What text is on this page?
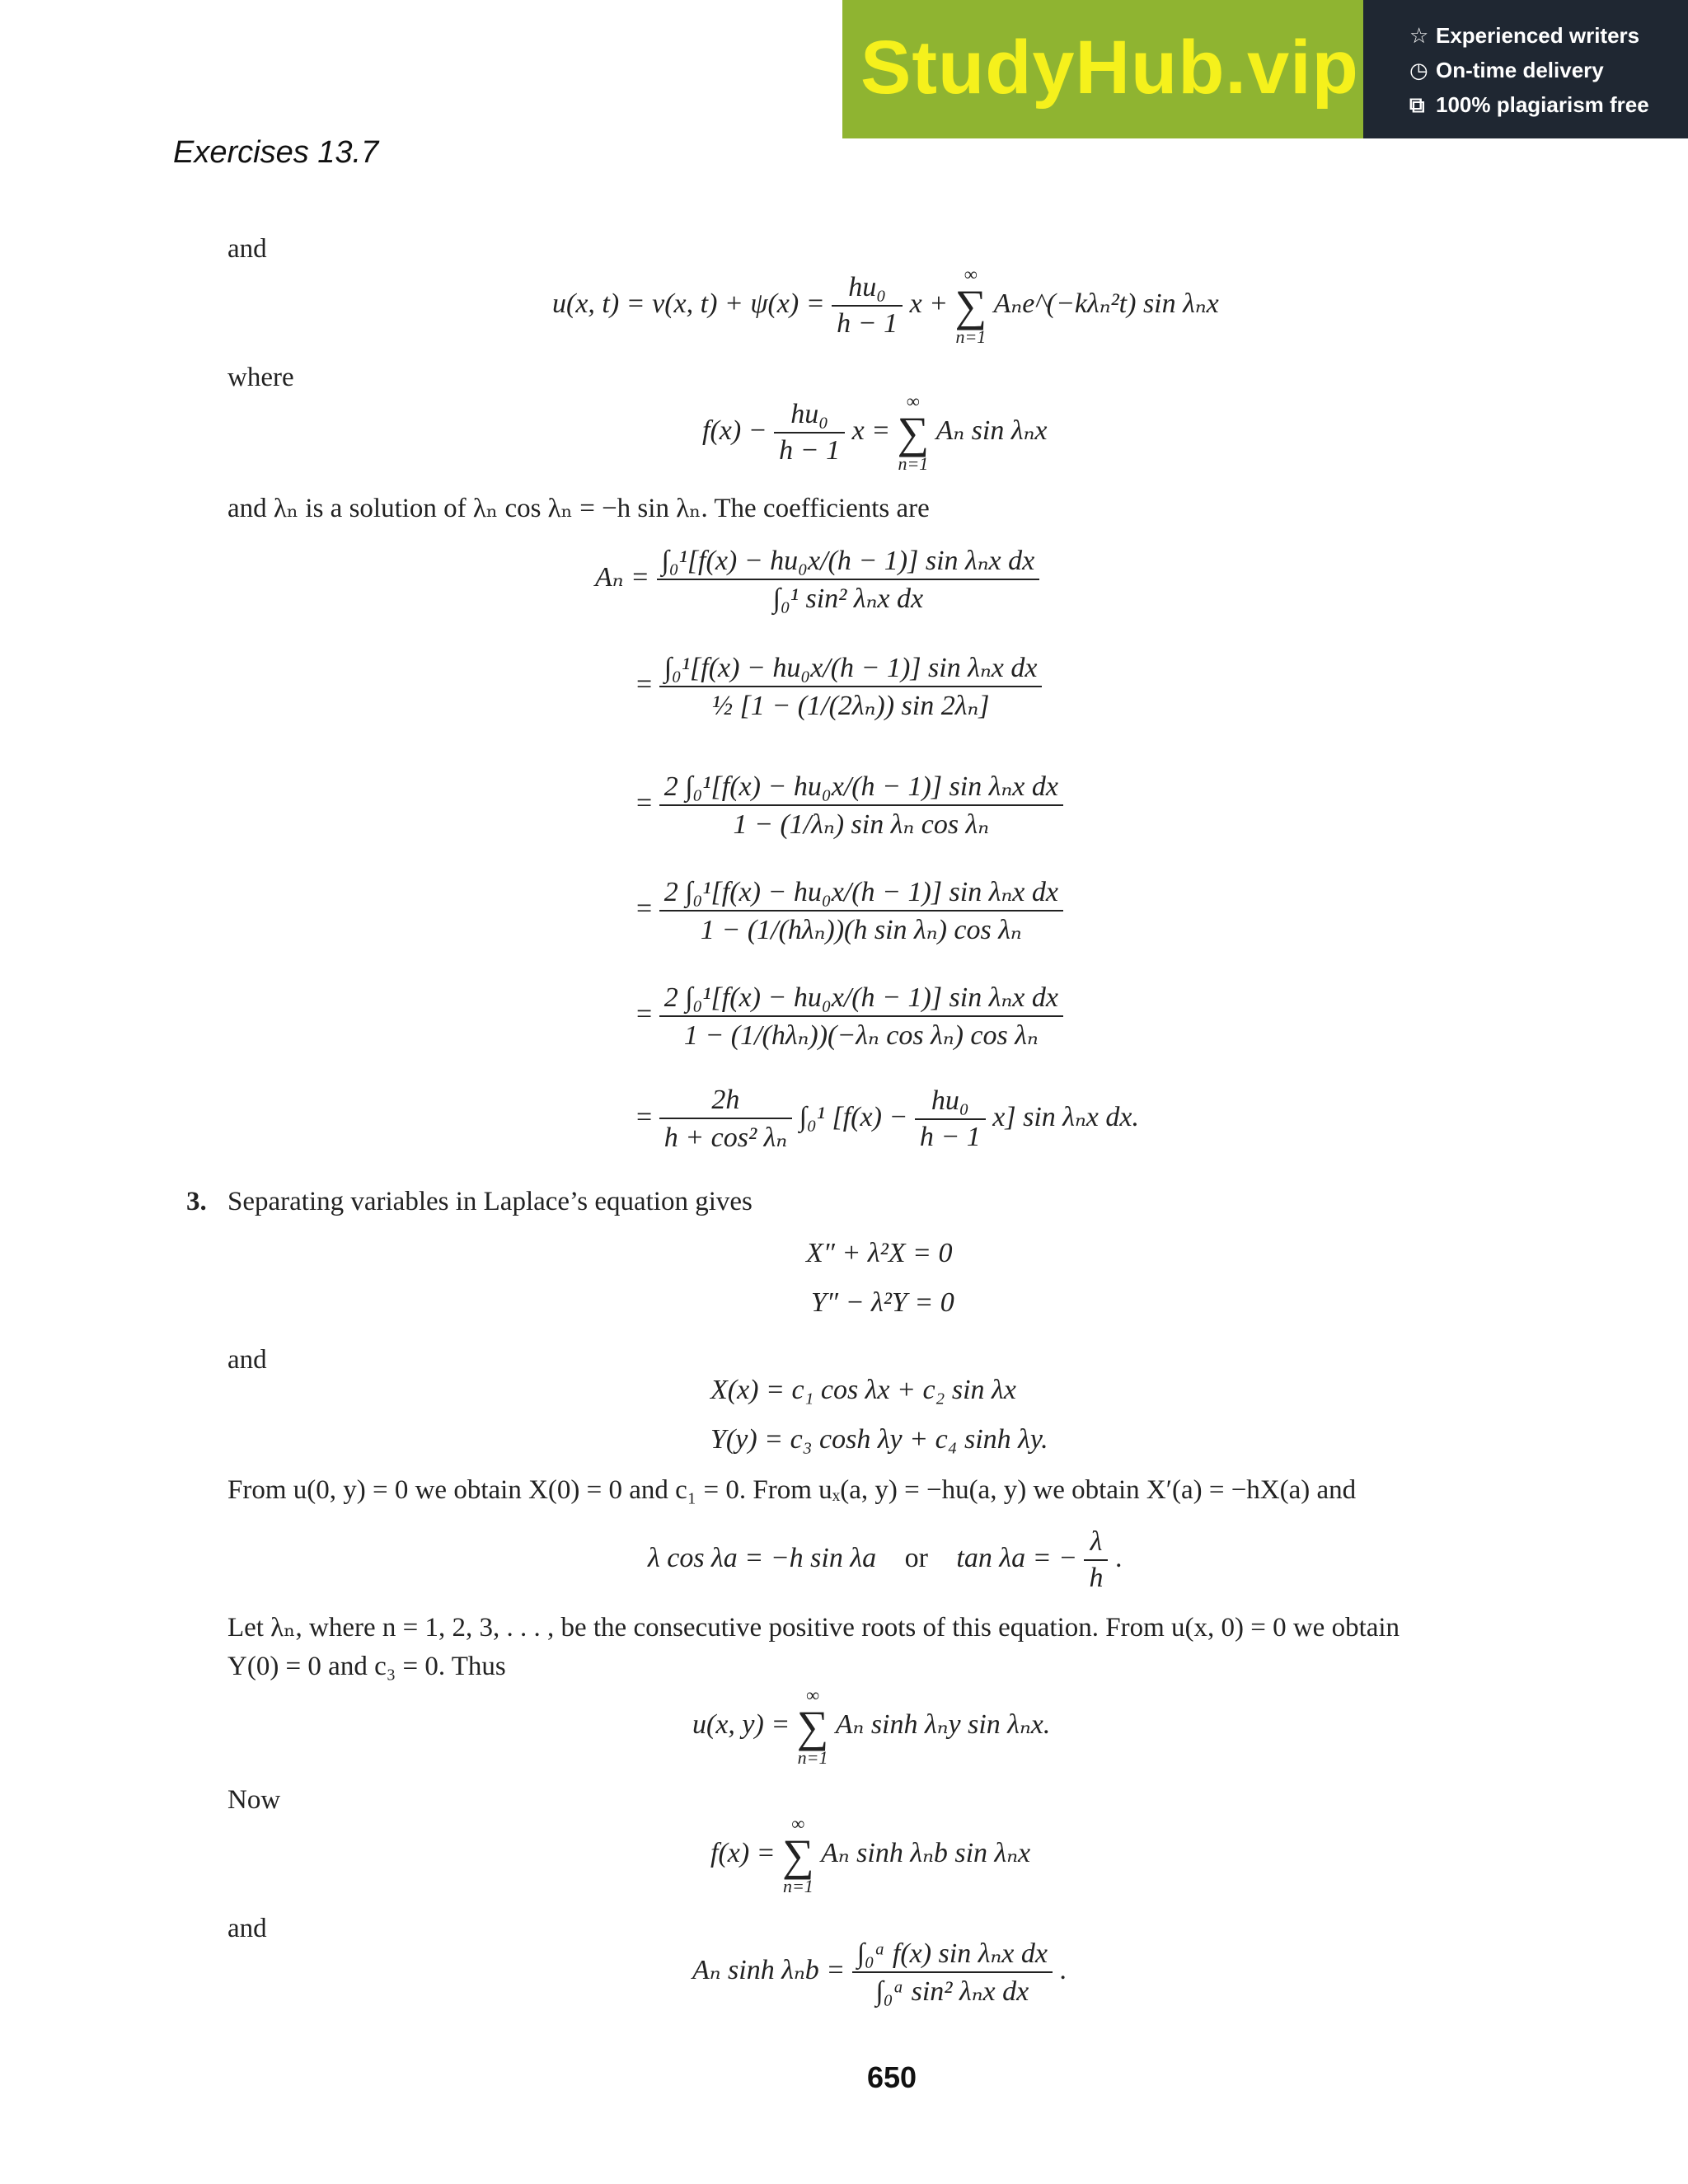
StudyHub.vip ☆ Experienced writers
◷ On-time delivery
⧉ 100% plagiarism free
Exercises 13.7
and
u(x, t) = v(x, $t) + \psi(x) = \frac{\text{hu₀}}{h - 1}$ x +
∞
∑
n=1
Aₙe^(−kλₙ²t) sin λₙx
where
$f(x) - \frac{\text{hu₀}}{h - 1}$ x =
∞
∑
n=1
Aₙ sin λₙx
and λₙ is a solution of λₙ cos λₙ = −h sin λₙ. The coefficients are
$A_n = \frac{\text{∫₀¹[f(x) − hu₀x/(h − 1)] sin λₙx dx}}{\text{∫₀¹ sin² λₙx dx}}$
= $\frac{\text{∫₀¹[f(x) − hu₀x/(h − 1)] sin λₙx dx}}{\text{½ [1 − (1/(2λₙ)) sin 2λₙ]}}$
= $\frac{\text{2 ∫₀¹[f(x) − hu₀x/(h − 1)] sin λₙx dx}}{\text{1 − (1/λₙ) sin λₙ cos λₙ}}$
= $\frac{\text{2 ∫₀¹[f(x) − hu₀x/(h − 1)] sin λₙx dx}}{\text{1 − (1/(hλₙ))(h sin λₙ) cos λₙ}}$
= $\frac{\text{2 ∫₀¹[f(x) − hu₀x/(h − 1)] sin λₙx dx}}{\text{1 − (1/(hλₙ))(−λₙ cos λₙ) cos λₙ}}$
= $\frac{2h}{\text{h + cos² λₙ}} \int_0^1$ $[f(x) - \frac{\text{hu₀}}{h - 1} x]$ sin λₙx dx.
3. Separating variables in Laplace’s equation gives
X″ + λ²X = 0
Y″ − λ²Y = 0
and
X(x) = c₁ cos λx + c₂ sin λx
Y(y) = c₃ cosh λy + c₄ sinh λy.
From u(0, y) = 0 we obtain X(0) = 0 and c₁ = 0. From uₓ(a, y) = −hu(a, y) we obtain X′(a) = −hX(a) and
λ cos λa = −h sin λa or tan λa = − $\frac{\lambda}{h}$ .
Let λₙ, where n = 1, 2, 3, . . . , be the consecutive positive roots of this equation. From u(x, 0) = 0 we obtain
Y(0) = 0 and c₃ = 0. Thus
u(x, y) =
∞
∑
n=1
Aₙ sinh λₙy sin λₙx.
Now
f(x) =
∞
∑
n=1
Aₙ sinh λₙb sin λₙx
and
Aₙ $\sinh \lambda_nb = \frac{\text{∫₀ᵃ f(x) sin λₙx dx}}{\text{∫₀ᵃ sin² λₙx dx}}$ .
650
